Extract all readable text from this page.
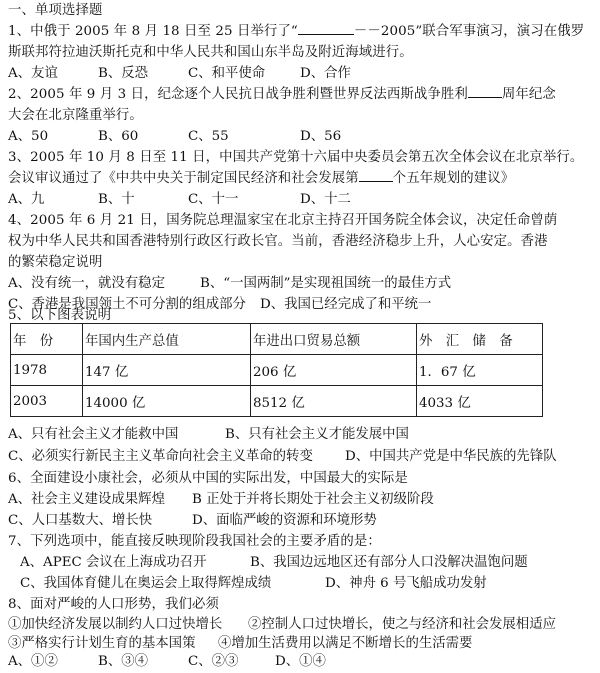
一、单项选择题
1、中俄于 2005 年 8 月 18 日至 25 日举行了“	－－2005”联合军事演习，演习在俄罗
斯联邦符拉迪沃斯托克和中华人民共和国山东半岛及附近海域进行。
A、友谊	B、反恐	C、和平使命	D、合作
2、2005 年 9 月 3 日，纪念逐个人民抗日战争胜利暨世界反法西斯战争胜利	周年纪念
大会在北京隆重举行。
A、50	B、60	C、55	D、56
3、2005 年 10 月 8 日至 11 日，中国共产党第十六届中央委员会第五次全体会议在北京举行。
会议审议通过了《中共中央关于制定国民经济和社会发展第	个五年规划的建议》
A、九	B、十	C、十一	D、十二
4、2005 年 6 月 21 日，国务院总理温家宝在北京主持召开国务院全体会议，决定任命曾荫
权为中华人民共和国香港特别行政区行政长官。当前，香港经济稳步上升，人心安定。香港
的繁荣稳定说明
A、没有统一，就没有稳定	B、“一国两制”是实现祖国统一的最佳方式
C、香港是我国领土不可分割的组成部分 D、我国已经完成了和平统一
5、以下图表说明
年　份	年国内生产总值	年进出口贸易总额	外　汇　储　备
1978	147 亿	206 亿	1．67 亿
2003	14000 亿	8512 亿	4033 亿
A、只有社会主义才能救中国	B、只有社会主义才能发展中国
C、必须实行新民主主义革命向社会主义革命的转变 D、中国共产党是中华民族的先锋队
6、全面建设小康社会，必须从中国的实际出发，中国最大的实际是
A、社会主义建设成果辉煌 B 正处于并将长期处于社会主义初级阶段
C、人口基数大、增长快	D、面临严峻的资源和环境形势
7、下列选项中，能直接反映现阶段我国社会的主要矛盾的是：
A、APEC 会议在上海成功召开	B、我国边远地区还有部分人口没解决温饱问题
C、我国体育健儿在奥运会上取得辉煌成绩	D、神舟 6 号飞船成功发射
8、面对严峻的人口形势，我们必须
①加快经济发展以制约人口过快增长 ②控制人口过快增长，使之与经济和社会发展相适应
③严格实行计划生育的基本国策 ④增加生活费用以满足不断增长的生活需要
A、①②	B、③④	C、②③	D、①④
